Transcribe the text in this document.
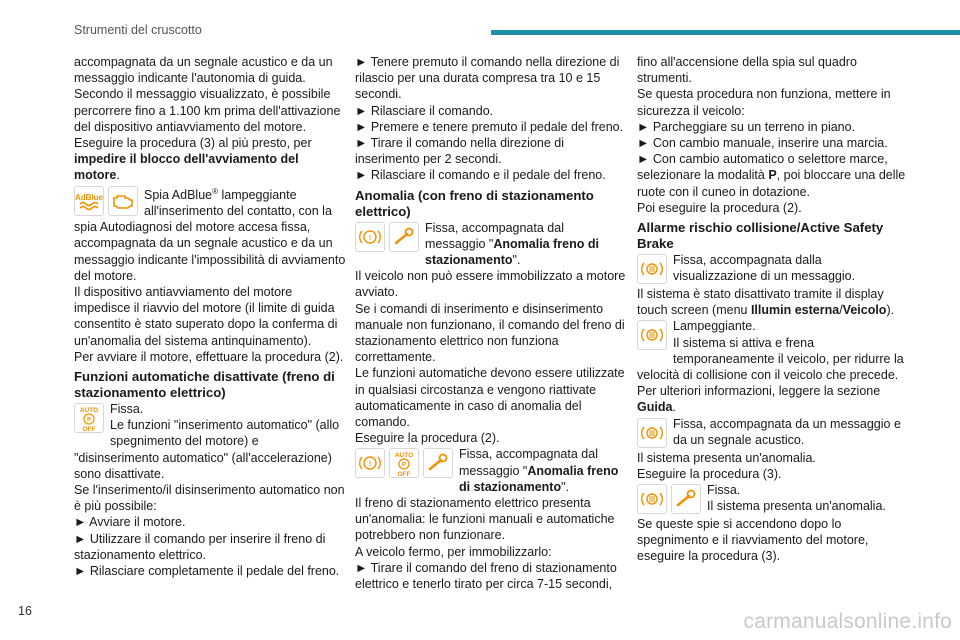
Strumenti del cruscotto

accompagnata da un segnale acustico e da un messaggio indicante l'autonomia di guida.

Secondo il messaggio visualizzato, è possibile percorrere fino a 1.100 km prima dell'attivazione del dispositivo antiavviamento del motore.

Eseguire la procedura (3) al più presto, per impedire il blocco dell'avviamento del motore.

AdBlue	Spia AdBlue® lampeggiante all'inserimento del contatto, con la spia Autodiagnosi del motore accesa fissa, accompagnata da un segnale acustico e da un messaggio indicante l'impossibilità di avviamento del motore.

Il dispositivo antiavviamento del motore impedisce il riavvio del motore (il limite di guida consentito è stato superato dopo la conferma di un'anomalia del sistema antinquinamento).

Per avviare il motore, effettuare la procedura (2).

Funzioni automatiche disattivate (freno di stazionamento elettrico)
AUTO
P
OFF

Fissa.

Le funzioni "inserimento automatico" (allo spegnimento del motore) e "disinserimento automatico" (all'accelerazione) sono disattivate.

Se l'inserimento/il disinserimento automatico non è più possibile:

► Avviare il motore.

► Utilizzare il comando per inserire il freno di stazionamento elettrico.

► Rilasciare completamente il pedale del freno.

► Tenere premuto il comando nella direzione di rilascio per una durata compresa tra 10 e 15 secondi.

► Rilasciare il comando.

► Premere e tenere premuto il pedale del freno.

► Tirare il comando nella direzione di inserimento per 2 secondi.

► Rilasciare il comando e il pedale del freno.

Anomalia (con freno di stazionamento elettrico)
!

Fissa, accompagnata dal messaggio "Anomalia freno di stazionamento".

Il veicolo non può essere immobilizzato a motore avviato.

Se i comandi di inserimento e disinserimento manuale non funzionano, il comando del freno di stazionamento elettrico non funziona correttamente.

Le funzioni automatiche devono essere utilizzate in qualsiasi circostanza e vengono riattivate automaticamente in caso di anomalia del comando.

Eseguire la procedura (2).

!
AUTO
P
OFF

Fissa, accompagnata dal messaggio "Anomalia freno di stazionamento".

Il freno di stazionamento elettrico presenta un'anomalia: le funzioni manuali e automatiche potrebbero non funzionare.

A veicolo fermo, per immobilizzarlo:

► Tirare il comando del freno di stazionamento elettrico e tenerlo tirato per circa 7-15 secondi,

fino all'accensione della spia sul quadro strumenti.

Se questa procedura non funziona, mettere in sicurezza il veicolo:

► Parcheggiare su un terreno in piano.

► Con cambio manuale, inserire una marcia.

► Con cambio automatico o selettore marce, selezionare la modalità P, poi bloccare una delle ruote con il cuneo in dotazione.

Poi eseguire la procedura (2).

Allarme rischio collisione/Active Safety Brake

Fissa, accompagnata dalla visualizzazione di un messaggio.

Il sistema è stato disattivato tramite il display touch screen (menu Illumin esterna/Veicolo).

Lampeggiante.

Il sistema si attiva e frena temporaneamente il veicolo, per ridurre la velocità di collisione con il veicolo che precede.

Per ulteriori informazioni, leggere la sezione Guida.

Fissa, accompagnata da un messaggio e da un segnale acustico.

Il sistema presenta un'anomalia.

Eseguire la procedura (3).

Fissa.

Il sistema presenta un'anomalia.

Se queste spie si accendono dopo lo spegnimento e il riavviamento del motore, eseguire la procedura (3).

16	carmanualsonline.info
